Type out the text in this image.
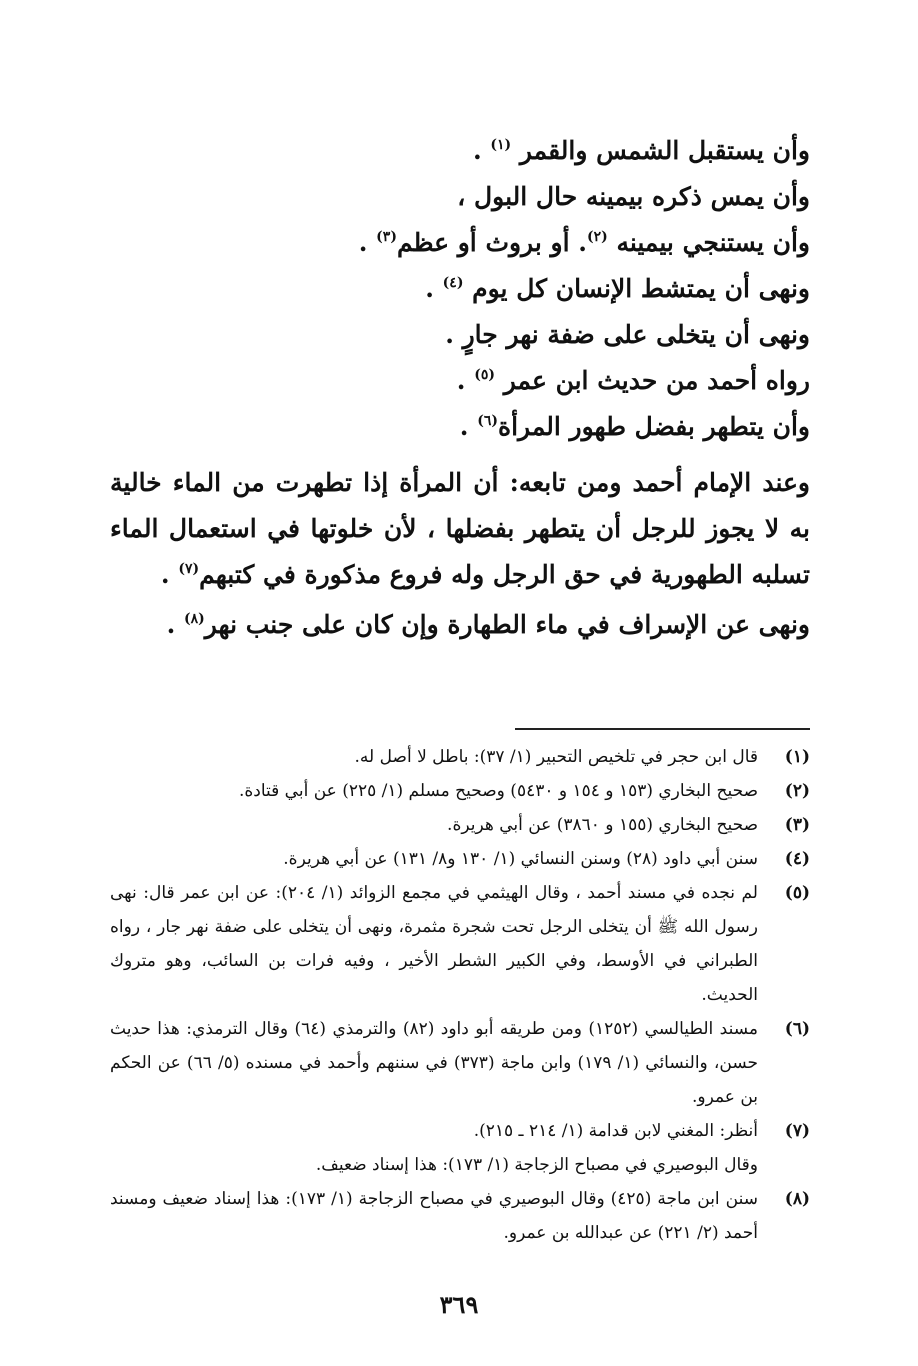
وأن يستقبل الشمس والقمر $^{(١)}$ .

وأن يمس ذكره بيمينه حال البول ،

وأن يستنجي بيمينه $^{(٢)}$. أو بروث أو عظم$^{(٣)}$ .

ونهى أن يمتشط الإنسان كل يوم $^{(٤)}$ .

ونهى أن يتخلى على ضفة نهر جارٍ .

رواه أحمد من حديث ابن عمر $^{(٥)}$ .

وأن يتطهر بفضل طهور المرأة$^{(٦)}$ .

وعند الإمام أحمد ومن تابعه: أن المرأة إذا تطهرت من الماء خالية به لا يجوز للرجل أن يتطهر بفضلها ، لأن خلوتها في استعمال الماء تسلبه الطهورية في حق الرجل وله فروع مذكورة في كتبهم$^{(٧)}$ .

ونهى عن الإسراف في ماء الطهارة وإن كان على جنب نهر$^{(٨)}$ .

(١)

قال ابن حجر في تلخيص التحبير (١/ ٣٧): باطل لا أصل له.

(٢)

صحيح البخاري (١٥٣ و ١٥٤ و ٥٤٣٠) وصحيح مسلم (١/ ٢٢٥) عن أبي قتادة.

(٣)

صحيح البخاري (١٥٥ و ٣٨٦٠) عن أبي هريرة.

(٤)

سنن أبي داود (٢٨) وسنن النسائي (١/ ١٣٠ و٨/ ١٣١) عن أبي هريرة.

(٥)

لم نجده في مسند أحمد ، وقال الهيثمي في مجمع الزوائد (١/ ٢٠٤): عن ابن عمر قال: نهى رسول الله ﷺ أن يتخلى الرجل تحت شجرة مثمرة، ونهى أن يتخلى على ضفة نهر جار ، رواه الطبراني في الأوسط، وفي الكبير الشطر الأخير ، وفيه فرات بن السائب، وهو متروك الحديث.

(٦)

مسند الطيالسي (١٢٥٢) ومن طريقه أبو داود (٨٢) والترمذي (٦٤) وقال الترمذي: هذا حديث حسن، والنسائي (١/ ١٧٩) وابن ماجة (٣٧٣) في سننهم وأحمد في مسنده (٥/ ٦٦) عن الحكم بن عمرو.

(٧)

أنظر: المغني لابن قدامة (١/ ٢١٤ ـ ٢١٥).

وقال البوصيري في مصباح الزجاجة (١/ ١٧٣): هذا إسناد ضعيف.

(٨)

سنن ابن ماجة (٤٢٥) وقال البوصيري في مصباح الزجاجة (١/ ١٧٣): هذا إسناد ضعيف ومسند أحمد (٢/ ٢٢١) عن عبدالله بن عمرو.

٣٦٩
